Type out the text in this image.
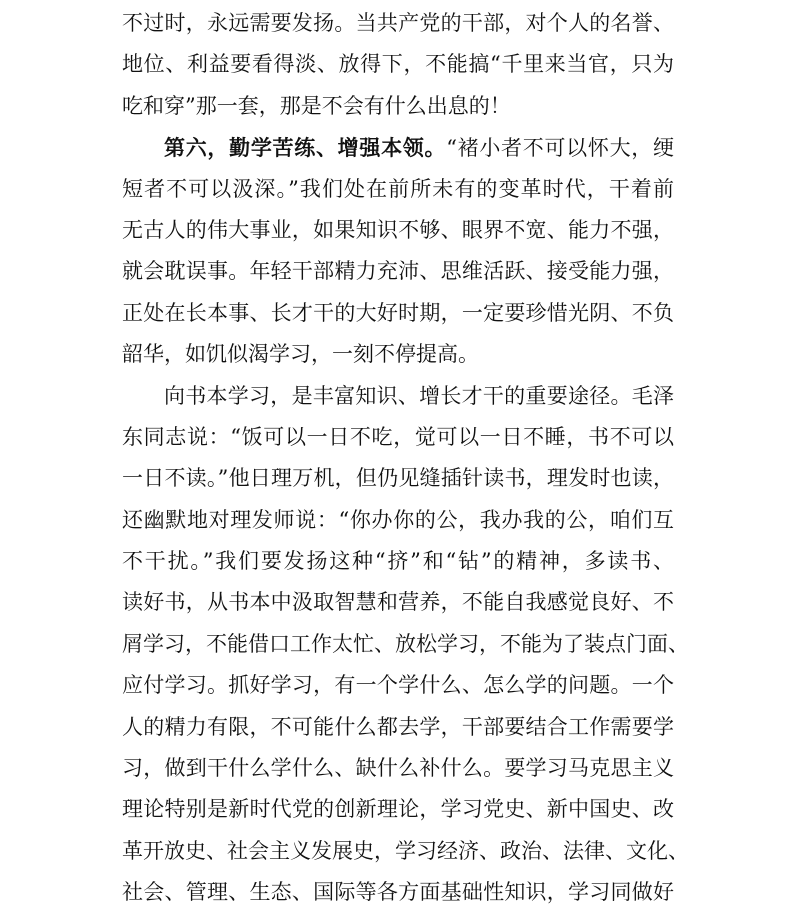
不过时，永远需要发扬。当共产党的干部，对个人的名誉、
地位、利益要看得淡、放得下，不能搞“千里来当官，只为
吃和穿”那一套，那是不会有什么出息的！
第六，勤学苦练、增强本领。“褚小者不可以怀大，绠
短者不可以汲深。”我们处在前所未有的变革时代，干着前
无古人的伟大事业，如果知识不够、眼界不宽、能力不强，
就会耽误事。年轻干部精力充沛、思维活跃、接受能力强，
正处在长本事、长才干的大好时期，一定要珍惜光阴、不负
韶华，如饥似渴学习，一刻不停提高。
向书本学习，是丰富知识、增长才干的重要途径。毛泽
东同志说：“饭可以一日不吃，觉可以一日不睡，书不可以
一日不读。”他日理万机，但仍见缝插针读书，理发时也读，
还幽默地对理发师说：“你办你的公，我办我的公，咱们互
不干扰。”我们要发扬这种“挤”和“钻”的精神，多读书、
读好书，从书本中汲取智慧和营养，不能自我感觉良好、不
屑学习，不能借口工作太忙、放松学习，不能为了装点门面、
应付学习。抓好学习，有一个学什么、怎么学的问题。一个
人的精力有限，不可能什么都去学，干部要结合工作需要学
习，做到干什么学什么、缺什么补什么。要学习马克思主义
理论特别是新时代党的创新理论，学习党史、新中国史、改
革开放史、社会主义发展史，学习经济、政治、法律、文化、
社会、管理、生态、国际等各方面基础性知识，学习同做好
